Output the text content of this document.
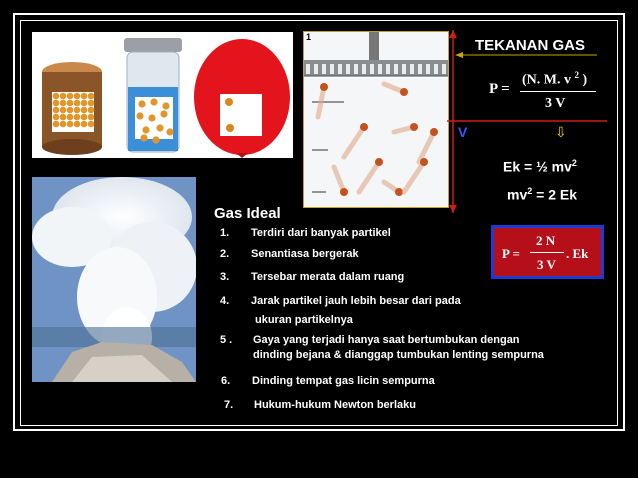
1	TEKANAN GAS
P =
(N. M. v $^2$ )
3 V
V	⇩
Ek = ½ $mv^2$
$mv^2 = 2$ Ek
P =
2 N
3 V
. Ek
Gas Ideal
1. Terdiri dari banyak partikel
2. Senantiasa bergerak
3. Tersebar merata dalam ruang
4. Jarak partikel jauh lebih besar dari pada
ukuran partikelnya
5 . Gaya yang terjadi hanya saat bertumbukan dengan
dinding bejana & dianggap tumbukan lenting sempurna
6. Dinding tempat gas licin sempurna
7. Hukum-hukum Newton berlaku
